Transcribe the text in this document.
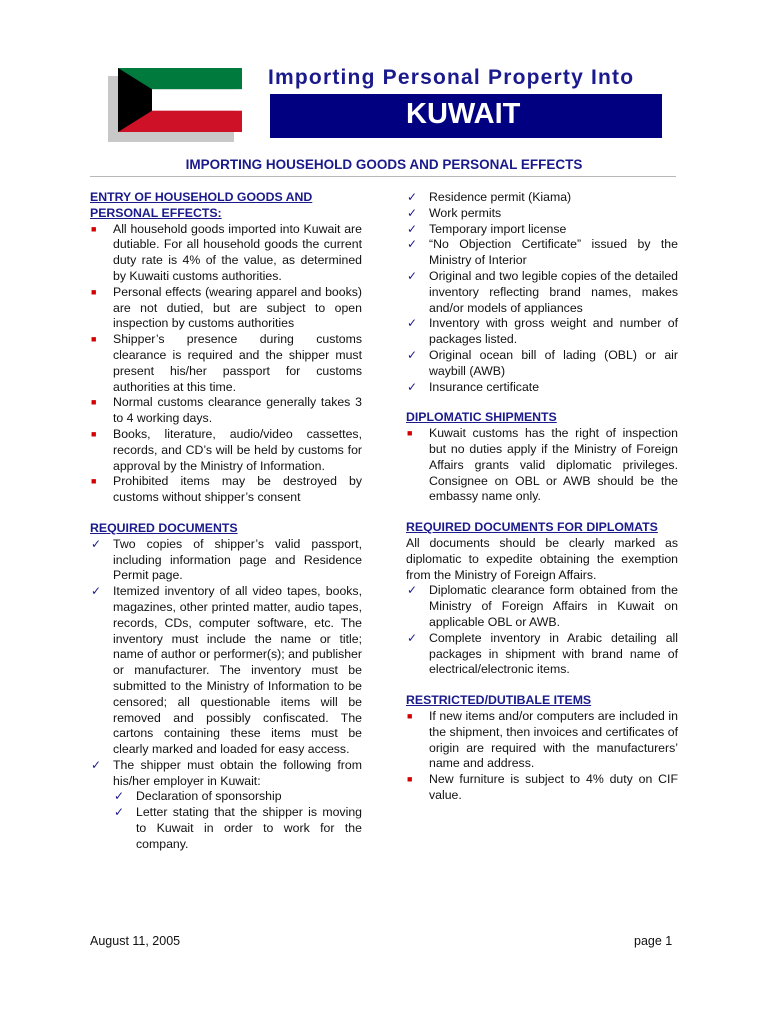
Importing Personal Property Into
KUWAIT
IMPORTING HOUSEHOLD GOODS AND PERSONAL EFFECTS
ENTRY OF HOUSEHOLD GOODS AND PERSONAL EFFECTS:
■ All household goods imported into Kuwait are dutiable. For all household goods the current duty rate is 4% of the value, as determined by Kuwaiti customs authorities.
■ Personal effects (wearing apparel and books) are not dutied, but are subject to open inspection by customs authorities
■ Shipper’s presence during customs clearance is required and the shipper must present his/her passport for customs authorities at this time.
■ Normal customs clearance generally takes 3 to 4 working days.
■ Books, literature, audio/video cassettes, records, and CD’s will be held by customs for approval by the Ministry of Information.
■ Prohibited items may be destroyed by customs without shipper’s consent
REQUIRED DOCUMENTS
✓ Two copies of shipper’s valid passport, including information page and Residence Permit page.
✓ Itemized inventory of all video tapes, books, magazines, other printed matter, audio tapes, records, CDs, computer software, etc. The inventory must include the name or title; name of author or performer(s); and publisher or manufacturer. The inventory must be submitted to the Ministry of Information to be censored; all questionable items will be removed and possibly confiscated. The cartons containing these items must be clearly marked and loaded for easy access.
✓ The shipper must obtain the following from his/her employer in Kuwait:
✓ Declaration of sponsorship
✓ Letter stating that the shipper is moving to Kuwait in order to work for the company.
✓ Residence permit (Kiama)
✓ Work permits
✓ Temporary import license
✓ “No Objection Certificate” issued by the Ministry of Interior
✓ Original and two legible copies of the detailed inventory reflecting brand names, makes and/or models of appliances
✓ Inventory with gross weight and number of packages listed.
✓ Original ocean bill of lading (OBL) or air waybill (AWB)
✓ Insurance certificate
DIPLOMATIC SHIPMENTS
■ Kuwait customs has the right of inspection but no duties apply if the Ministry of Foreign Affairs grants valid diplomatic privileges. Consignee on OBL or AWB should be the embassy name only.
REQUIRED DOCUMENTS FOR DIPLOMATS
All documents should be clearly marked as diplomatic to expedite obtaining the exemption from the Ministry of Foreign Affairs.
✓ Diplomatic clearance form obtained from the Ministry of Foreign Affairs in Kuwait on applicable OBL or AWB.
✓ Complete inventory in Arabic detailing all packages in shipment with brand name of electrical/electronic items.
RESTRICTED/DUTIBALE ITEMS
■ If new items and/or computers are included in the shipment, then invoices and certificates of origin are required with the manufacturers’ name and address.
■ New furniture is subject to 4% duty on CIF value.
August 11, 2005	page 1
